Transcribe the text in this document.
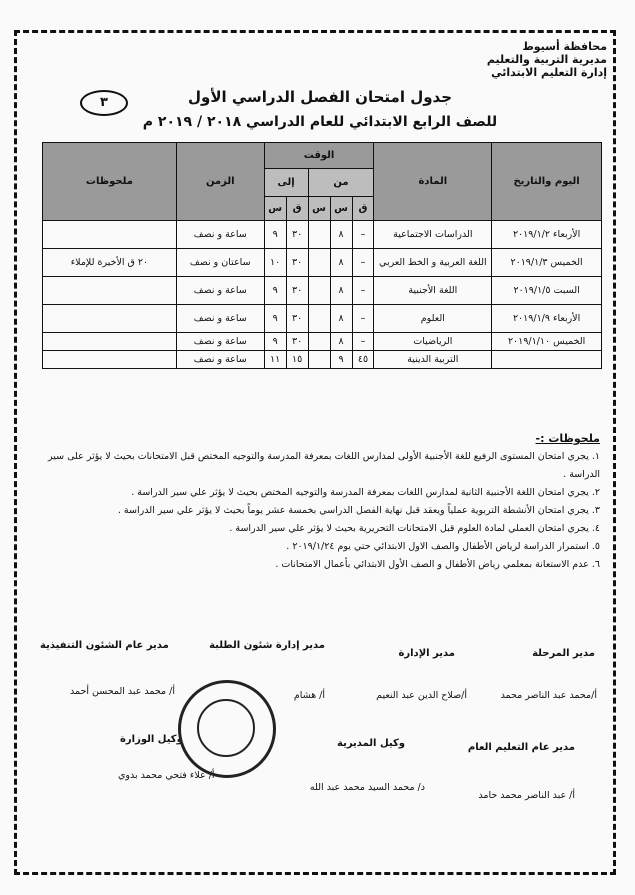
محافظة أسيوط
مديرية التربية والتعليم
إدارة التعليم الابتدائي
٣	جدول امتحان الفصل الدراسي الأول
للصف الرابع الابتدائي للعام الدراسي ٢٠١٨ / ٢٠١٩ م
اليوم والتاريخ	المادة	الوقت					الزمن	ملحوظات
		من			إلى			
		ق	س	س	ق	س		
الأربعاء ٢٠١٩/١/٢	الدراسات الاجتماعية	–	٨		٣٠	٩	ساعة و نصف	
الخميس ٢٠١٩/١/٣	اللغة العربية و الخط العربي	–	٨		٣٠	١٠	ساعتان و نصف	٢٠ ق الأخيرة للإملاء
السبت ٢٠١٩/١/٥	اللغة الأجنبية	–	٨		٣٠	٩	ساعة و نصف	
الأربعاء ٢٠١٩/١/٩	العلوم	–	٨		٣٠	٩	ساعة و نصف	
الخميس ٢٠١٩/١/١٠	الرياضيات	–	٨		٣٠	٩	ساعة و نصف	
	التربية الدينية	٤٥	٩		١٥	١١	ساعة و نصف	
ملحوظات :-
١. يجري امتحان المستوى الرفيع للغة الأجنبية الأولى لمدارس اللغات بمعرفة المدرسة والتوجيه المختص قبل الامتحانات بحيث لا يؤثر على سير الدراسة .
٢. يجري امتحان اللغة الأجنبية الثانية لمدارس اللغات بمعرفة المدرسة والتوجيه المختص بحيث لا يؤثر علي سير الدراسة .
٣. يجري امتحان الأنشطة التربوية عملياً ويعقد قبل نهاية الفصل الدراسي بخمسة عشر يوماً بحيث لا يؤثر علي سير الدراسة .
٤. يجري امتحان العملي لمادة العلوم قبل الامتحانات التحريرية بحيث لا يؤثر علي سير الدراسة .
٥. استمرار الدراسة لرياض الأطفال والصف الاول الابتدائي حتي يوم ٢٠١٩/١/٢٤ .
٦. عدم الاستعانة بمعلمي رياض الأطفال و الصف الأول الابتدائي بأعمال الامتحانات .
مدير المرحلة
أ/محمد عبد الناصر محمد
مدير الإدارة
أ/صلاح الدين عبد النعيم
مدير إدارة شئون الطلبة
أ/ هشام
مدير عام الشئون التنفيذية
أ/ محمد عبد المحسن أحمد
مدير عام التعليم العام
أ/ عبد الناصر محمد حامد
وكيل المديرية
د/ محمد السيد محمد عبد الله
وكيل الوزارة
أ/ علاء فتحي محمد بدوي
